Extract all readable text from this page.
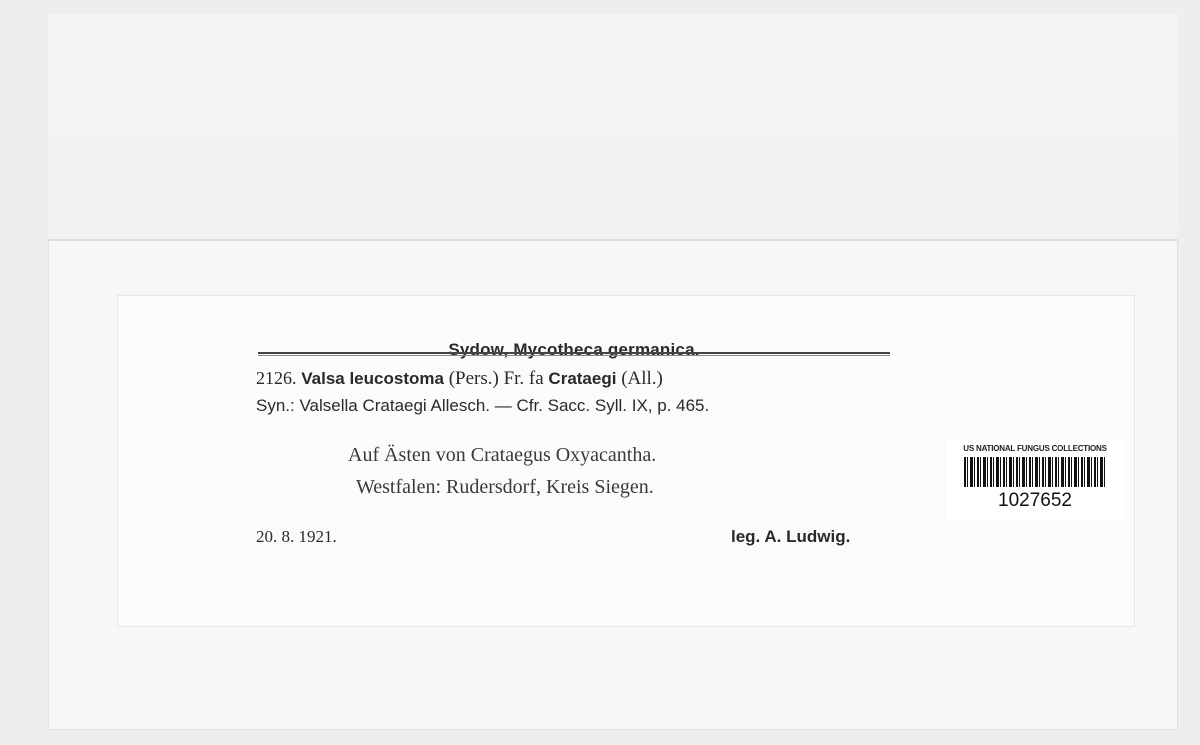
Sydow, Mycotheca germanica.
2126. Valsa leucostoma (Pers.) Fr. fa Crataegi (All.)
Syn.: Valsella Crataegi Allesch. — Cfr. Sacc. Syll. IX, p. 465.
Auf Ästen von Crataegus Oxyacantha.
Westfalen: Rudersdorf, Kreis Siegen.
20. 8. 1921.	leg. A. Ludwig.
US NATIONAL FUNGUS COLLECTIONS
1027652
